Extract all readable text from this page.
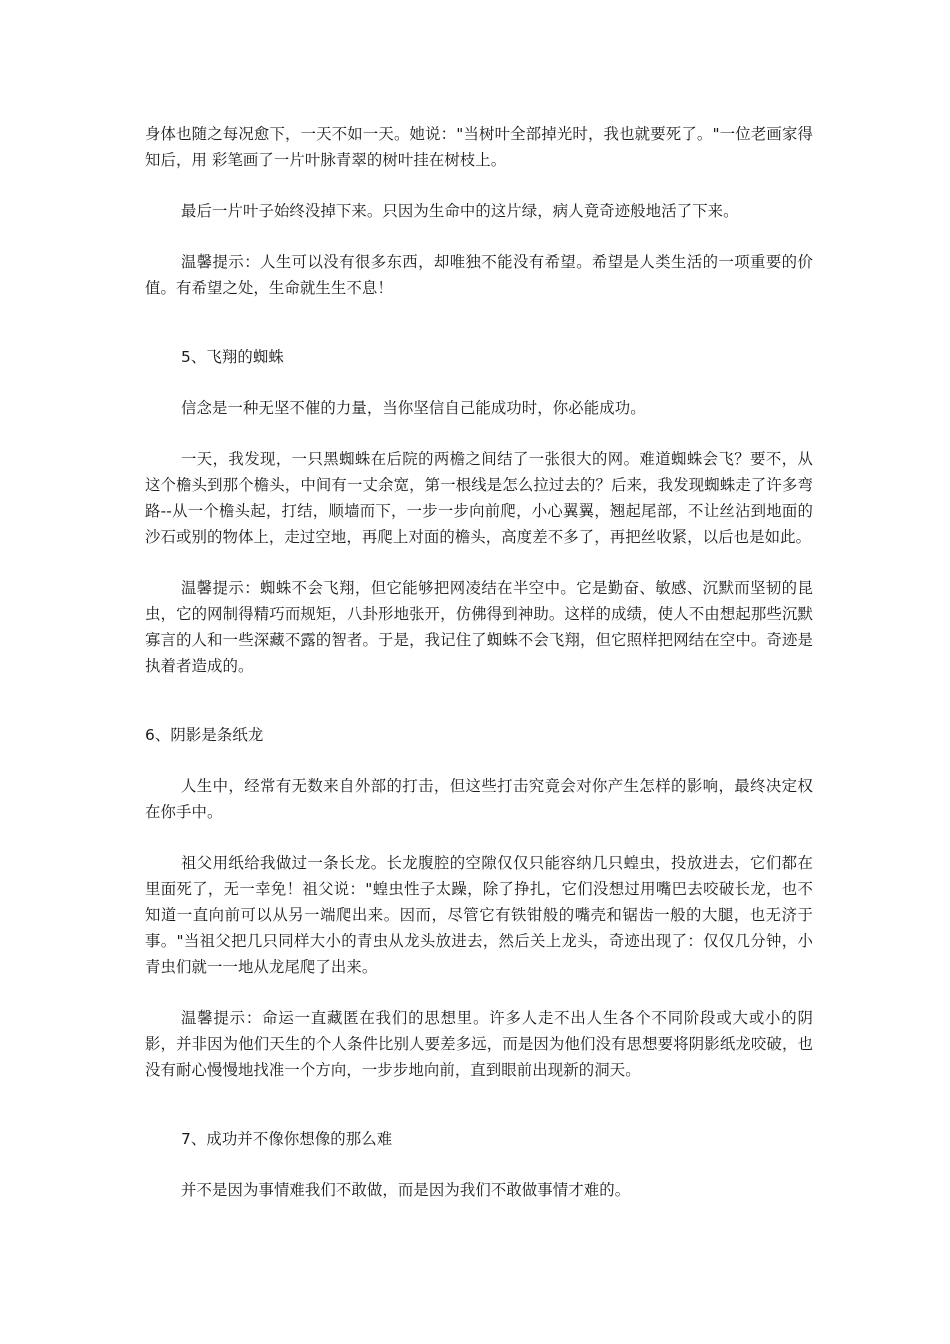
身体也随之每况愈下，一天不如一天。她说："当树叶全部掉光时，我也就要死了。"一位老画家得知后，用 彩笔画了一片叶脉青翠的树叶挂在树枝上。

最后一片叶子始终没掉下来。只因为生命中的这片绿，病人竟奇迹般地活了下来。

温馨提示：人生可以没有很多东西，却唯独不能没有希望。希望是人类生活的一项重要的价值。有希望之处，生命就生生不息！

5、飞翔的蜘蛛

信念是一种无坚不催的力量，当你坚信自己能成功时，你必能成功。

一天，我发现，一只黑蜘蛛在后院的两檐之间结了一张很大的网。难道蜘蛛会飞？要不，从这个檐头到那个檐头，中间有一丈余宽，第一根线是怎么拉过去的？后来，我发现蜘蛛走了许多弯路--从一个檐头起，打结，顺墙而下，一步一步向前爬，小心翼翼，翘起尾部，不让丝沾到地面的沙石或别的物体上，走过空地，再爬上对面的檐头，高度差不多了，再把丝收紧，以后也是如此。

温馨提示：蜘蛛不会飞翔，但它能够把网凌结在半空中。它是勤奋、敏感、沉默而坚韧的昆虫，它的网制得精巧而规矩，八卦形地张开，仿佛得到神助。这样的成绩，使人不由想起那些沉默寡言的人和一些深藏不露的智者。于是，我记住了蜘蛛不会飞翔，但它照样把网结在空中。奇迹是执着者造成的。

6、阴影是条纸龙

人生中，经常有无数来自外部的打击，但这些打击究竟会对你产生怎样的影响，最终决定权在你手中。

祖父用纸给我做过一条长龙。长龙腹腔的空隙仅仅只能容纳几只蝗虫，投放进去，它们都在里面死了，无一幸免！祖父说："蝗虫性子太躁，除了挣扎，它们没想过用嘴巴去咬破长龙，也不知道一直向前可以从另一端爬出来。因而，尽管它有铁钳般的嘴壳和锯齿一般的大腿，也无济于事。"当祖父把几只同样大小的青虫从龙头放进去，然后关上龙头，奇迹出现了：仅仅几分钟，小青虫们就一一地从龙尾爬了出来。

温馨提示：命运一直藏匿在我们的思想里。许多人走不出人生各个不同阶段或大或小的阴影，并非因为他们天生的个人条件比别人要差多远，而是因为他们没有思想要将阴影纸龙咬破，也没有耐心慢慢地找准一个方向，一步步地向前，直到眼前出现新的洞天。

7、成功并不像你想像的那么难

并不是因为事情难我们不敢做，而是因为我们不敢做事情才难的。
